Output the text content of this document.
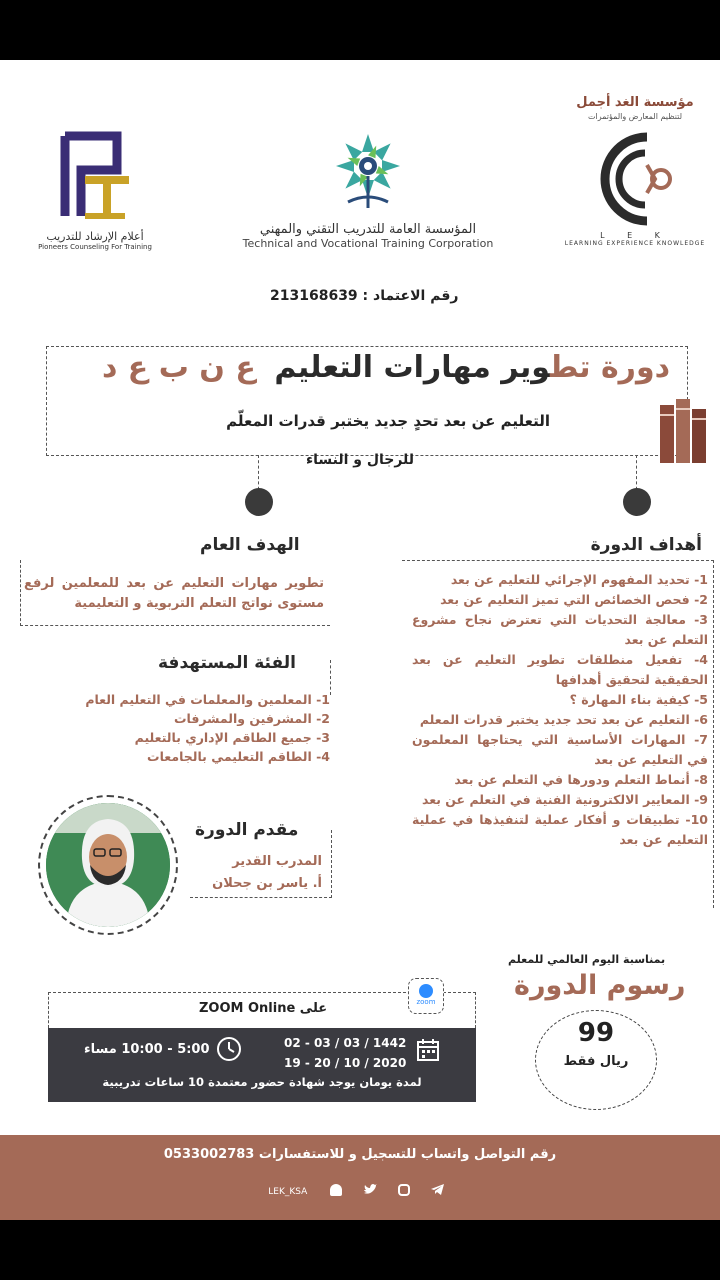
مؤسسة الغد أجمل
لتنظيم المعارض والمؤتمرات
L E K
LEARNING EXPERIENCE KNOWLEDGE
المؤسسة العامة للتدريب التقني والمهني
Technical and Vocational Training Corporation
أعلام الإرشاد للتدريب
Pioneers Counseling For Training
رقم الاعتماد : 213168639
دورة تطوير مهارات التعليم ع ن ب ع د
التعليم عن بعد تحدٍ جديد يختبر قدرات المعلّم
للرجال و النساء
أهداف الدورة
1- تحديد المفهوم الإجرائي للتعليم عن بعد
2- فحص الخصائص التي تميز التعليم عن بعد
3- معالجة التحديات التي تعترض نجاح مشروع التعلم عن بعد
4- تفعيل منطلقات تطوير التعليم عن بعد الحقيقية لتحقيق أهدافها
5- كيفية بناء المهارة ؟
6- التعليم عن بعد تحد جديد يختبر قدرات المعلم
7- المهارات الأساسية التي يحتاجها المعلمون في التعليم عن بعد
8- أنماط التعلم ودورها في التعلم عن بعد
9- المعايير الالكترونية الفنية في التعلم عن بعد
10- تطبيقات و أفكار عملية لتنفيذها في عملية التعليم عن بعد
الهدف العام
تطوير مهارات التعليم عن بعد للمعلمين لرفع مستوى نواتج التعلم التربوية و التعليمية
الفئة المستهدفة
1- المعلمين والمعلمات في التعليم العام
2- المشرفين والمشرفات
3- جميع الطاقم الإداري بالتعليم
4- الطاقم التعليمي بالجامعات
مقدم الدورة
المدرب القدير
أ. ياسر بن جحلان
على ZOOM Online
02 - 03 / 03 / 1442
19 - 20 / 10 / 2020
5:00 - 10:00 مساء
لمدة يومان يوجد شهادة حضور معتمدة 10 ساعات تدريبية
zoom
بمناسبة اليوم العالمي للمعلم
رسوم الدورة
99
ريال فقط
رقم التواصل واتساب للتسجيل و للاستفسارات 0533002783
LEK_KSA
